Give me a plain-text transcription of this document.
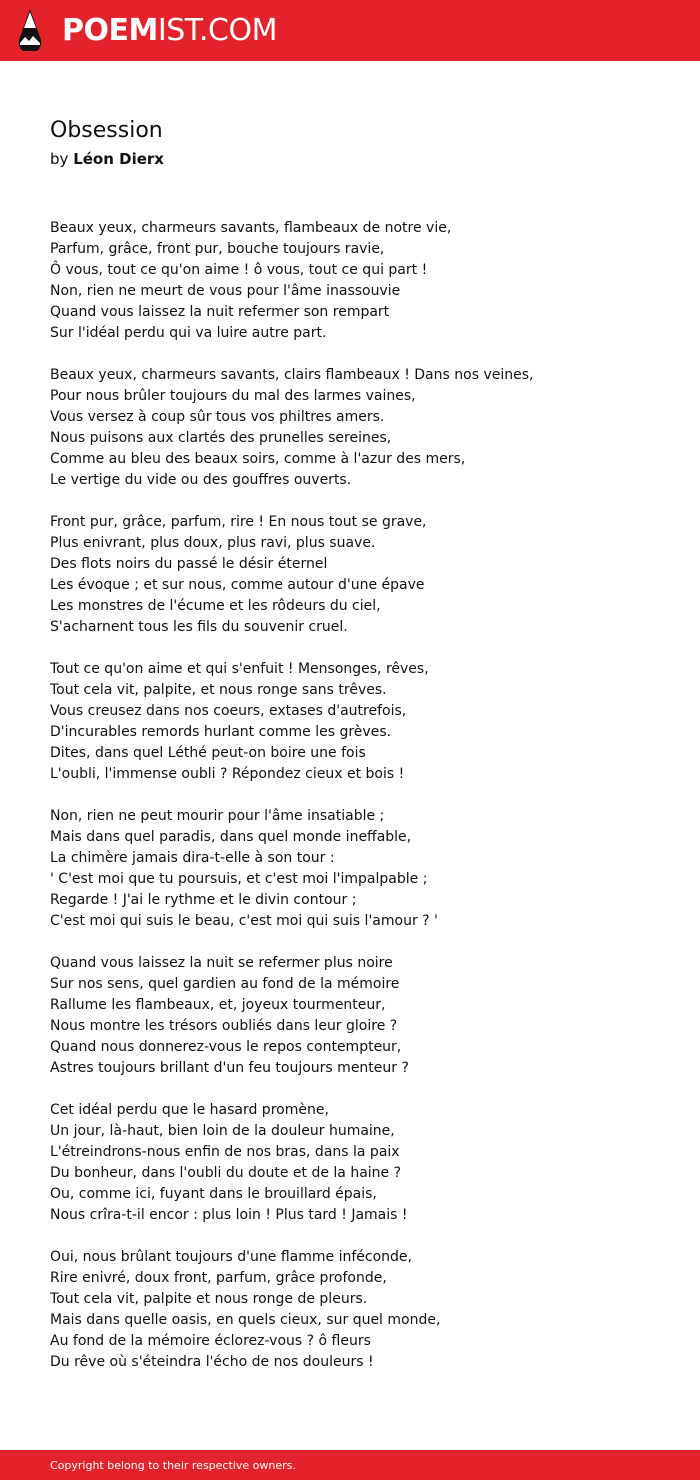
POEMIST.COM
Obsession
by Léon Dierx
Beaux yeux, charmeurs savants, flambeaux de notre vie,
Parfum, grâce, front pur, bouche toujours ravie,
Ô vous, tout ce qu'on aime ! ô vous, tout ce qui part !
Non, rien ne meurt de vous pour l'âme inassouvie
Quand vous laissez la nuit refermer son rempart
Sur l'idéal perdu qui va luire autre part.
Beaux yeux, charmeurs savants, clairs flambeaux ! Dans nos veines,
Pour nous brûler toujours du mal des larmes vaines,
Vous versez à coup sûr tous vos philtres amers.
Nous puisons aux clartés des prunelles sereines,
Comme au bleu des beaux soirs, comme à l'azur des mers,
Le vertige du vide ou des gouffres ouverts.
Front pur, grâce, parfum, rire ! En nous tout se grave,
Plus enivrant, plus doux, plus ravi, plus suave.
Des flots noirs du passé le désir éternel
Les évoque ; et sur nous, comme autour d'une épave
Les monstres de l'écume et les rôdeurs du ciel,
S'acharnent tous les fils du souvenir cruel.
Tout ce qu'on aime et qui s'enfuit ! Mensonges, rêves,
Tout cela vit, palpite, et nous ronge sans trêves.
Vous creusez dans nos coeurs, extases d'autrefois,
D'incurables remords hurlant comme les grèves.
Dites, dans quel Léthé peut-on boire une fois
L'oubli, l'immense oubli ? Répondez cieux et bois !
Non, rien ne peut mourir pour l'âme insatiable ;
Mais dans quel paradis, dans quel monde ineffable,
La chimère jamais dira-t-elle à son tour :
' C'est moi que tu poursuis, et c'est moi l'impalpable ;
Regarde ! J'ai le rythme et le divin contour ;
C'est moi qui suis le beau, c'est moi qui suis l'amour ? '
Quand vous laissez la nuit se refermer plus noire
Sur nos sens, quel gardien au fond de la mémoire
Rallume les flambeaux, et, joyeux tourmenteur,
Nous montre les trésors oubliés dans leur gloire ?
Quand nous donnerez-vous le repos contempteur,
Astres toujours brillant d'un feu toujours menteur ?
Cet idéal perdu que le hasard promène,
Un jour, là-haut, bien loin de la douleur humaine,
L'étreindrons-nous enfin de nos bras, dans la paix
Du bonheur, dans l'oubli du doute et de la haine ?
Ou, comme ici, fuyant dans le brouillard épais,
Nous crîra-t-il encor : plus loin ! Plus tard ! Jamais !
Oui, nous brûlant toujours d'une flamme inféconde,
Rire enivré, doux front, parfum, grâce profonde,
Tout cela vit, palpite et nous ronge de pleurs.
Mais dans quelle oasis, en quels cieux, sur quel monde,
Au fond de la mémoire éclorez-vous ? ô fleurs
Du rêve où s'éteindra l'écho de nos douleurs !
Copyright belong to their respective owners.
